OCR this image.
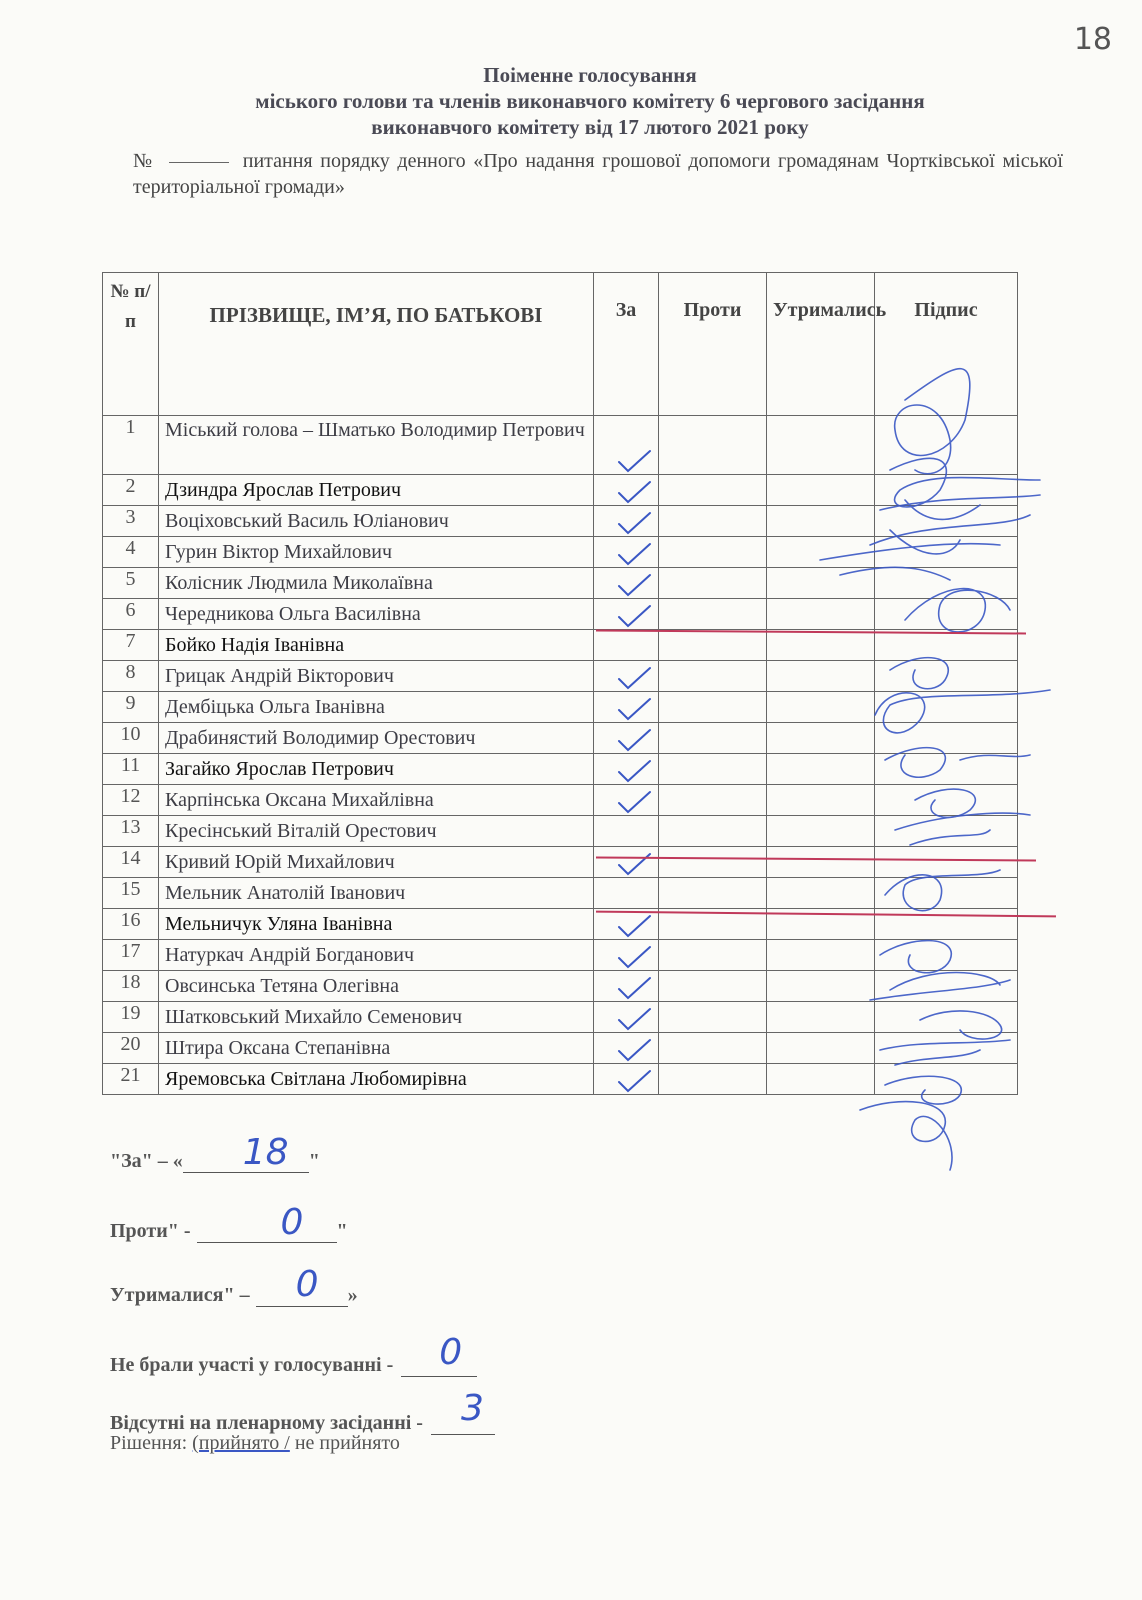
18
Поіменне голосування
міського голови та членів виконавчого комітету 6 чергового засідання
виконавчого комітету від 17 лютого 2021 року
№	питання порядку денного «Про надання грошової допомоги громадянам Чортківської міської територіальної громади»
№ п/ п	ПРІЗВИЩЕ, ІМ’Я, ПО БАТЬКОВІ	За	Проти	Утримались	Підпис
1	Міський голова – Шматько Володимир Петрович	

2	Дзиндра Ярослав Петрович	

3	Воціховський Василь Юліанович	

4	Гурин Віктор Михайлович	

5	Колісник Людмила Миколаївна	

6	Чередникова Ольга Василівна	

7	Бойко Надія Іванівна				
8	Грицак Андрій Вікторович	

9	Дембіцька Ольга Іванівна	

10	Драбинястий Володимир Орестович	

11	Загайко Ярослав Петрович	

12	Карпінська Оксана Михайлівна	

13	Кресінський Віталій Орестович				
14	Кривий Юрій Михайлович	

15	Мельник Анатолій Іванович				
16	Мельничук Уляна Іванівна	

17	Натуркач Андрій Богданович	

18	Овсинська Тетяна Олегівна	

19	Шатковський Михайло Семенович	

20	Штира Оксана Степанівна	

21	Яремовська Світлана Любомирівна	

"За" – « 18 "
Проти" -	0 "
Утрималися" – 0 »
Не брали участі у голосуванні - 0
Відсутні на пленарному засіданні - 3
Рішення: (прийнято / не прийнято
